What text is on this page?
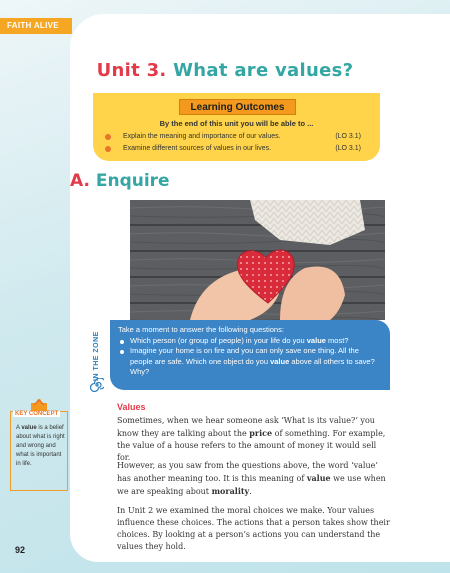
FAITH ALIVE
Unit 3. What are values?
Learning Outcomes
By the end of this unit you will be able to ...
Explain the meaning and importance of our values.	(LO 3.1)
Examine different sources of values in our lives.	(LO 3.1)
A. Enquire
IN THE ZONE

Take a moment to answer the following questions:

Which person (or group of people) in your life do you value most?
Imagine your home is on fire and you can only save one thing. All the people are safe. Which one object do you value above all others to save? Why?
KEY CONCEPT

A value is a belief about what is right and wrong and what is important in life.

Values

Sometimes, when we hear someone ask ‘What is its value?’ you know they are talking about the price of something. For example, the value of a house refers to the amount of money it would sell for.

However, as you saw from the questions above, the word ‘value’ has another meaning too. It is this meaning of value we use when we are speaking about morality.

In Unit 2 we examined the moral choices we make. Your values influence these choices. The actions that a person takes show their choices. By looking at a person’s actions you can understand the values they hold.

92
